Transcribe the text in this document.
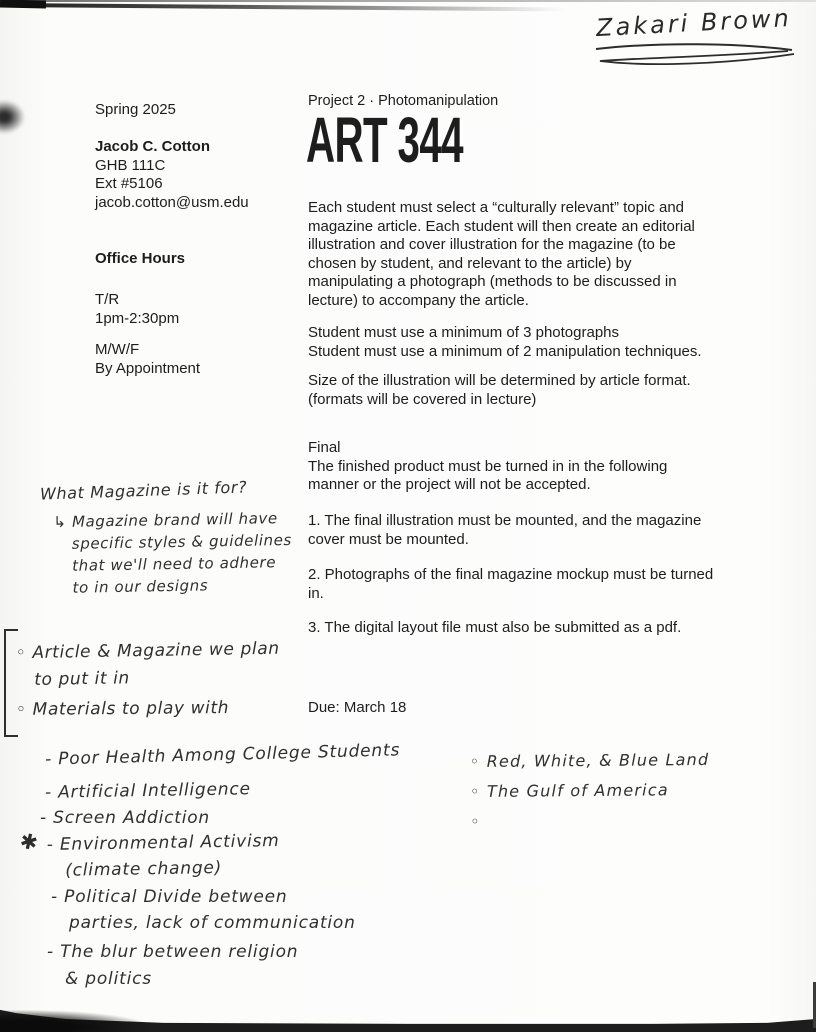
Zakari Brown
Spring 2025
Jacob C. Cotton
GHB 111C
Ext #5106
jacob.cotton@usm.edu
Office Hours
T/R
1pm-2:30pm
M/W/F
By Appointment
Project 2 · Photomanipulation
ART 344
Each student must select a “culturally relevant” topic and
magazine article. Each student will then create an editorial
illustration and cover illustration for the magazine (to be
chosen by student, and relevant to the article) by
manipulating a photograph (methods to be discussed in
lecture) to accompany the article.
Student must use a minimum of 3 photographs
Student must use a minimum of 2 manipulation techniques.
Size of the illustration will be determined by article format.
(formats will be covered in lecture)
Final
The finished product must be turned in in the following
manner or the project will not be accepted.
1. The final illustration must be mounted, and the magazine
cover must be mounted.
2. Photographs of the final magazine mockup must be turned
in.
3. The digital layout file must also be submitted as a pdf.
Due: March 18
What Magazine is it for?
↳ Magazine brand will have
specific styles & guidelines
that we'll need to adhere
to in our designs
◦ Article & Magazine we plan
to put it in
◦ Materials to play with
- Poor Health Among College Students
- Artificial Intelligence
- Screen Addiction
✱ - Environmental Activism
(climate change)
- Political Divide between
parties, lack of communication
- The blur between religion
& politics
◦ Red, White, & Blue Land
◦ The Gulf of America
◦
